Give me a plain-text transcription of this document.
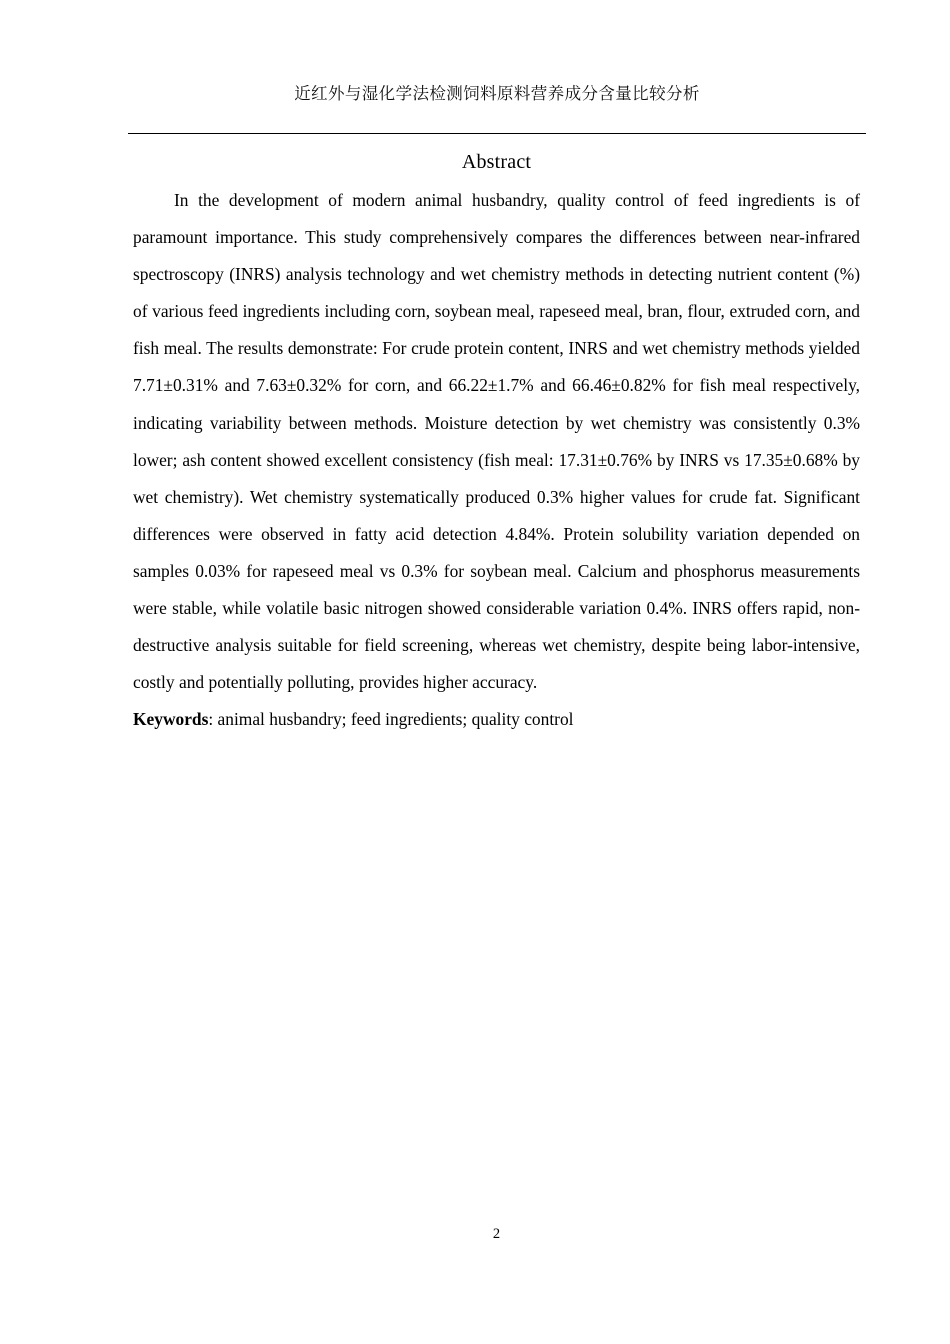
近红外与湿化学法检测饲料原料营养成分含量比较分析
Abstract

In the development of modern animal husbandry, quality control of feed ingredients is of paramount importance. This study comprehensively compares the differences between near-infrared spectroscopy (INRS) analysis technology and wet chemistry methods in detecting nutrient content (%) of various feed ingredients including corn, soybean meal, rapeseed meal, bran, flour, extruded corn, and fish meal. The results demonstrate: For crude protein content, INRS and wet chemistry methods yielded 7.71±0.31% and 7.63±0.32% for corn, and 66.22±1.7% and 66.46±0.82% for fish meal respectively, indicating variability between methods. Moisture detection by wet chemistry was consistently 0.3% lower; ash content showed excellent consistency (fish meal: 17.31±0.76% by INRS vs 17.35±0.68% by wet chemistry). Wet chemistry systematically produced 0.3% higher values for crude fat. Significant differences were observed in fatty acid detection 4.84%. Protein solubility variation depended on samples 0.03% for rapeseed meal vs 0.3% for soybean meal. Calcium and phosphorus measurements were stable, while volatile basic nitrogen showed considerable variation 0.4%. INRS offers rapid, non-destructive analysis suitable for field screening, whereas wet chemistry, despite being labor-intensive, costly and potentially polluting, provides higher accuracy.

Keywords: animal husbandry; feed ingredients; quality control

2
